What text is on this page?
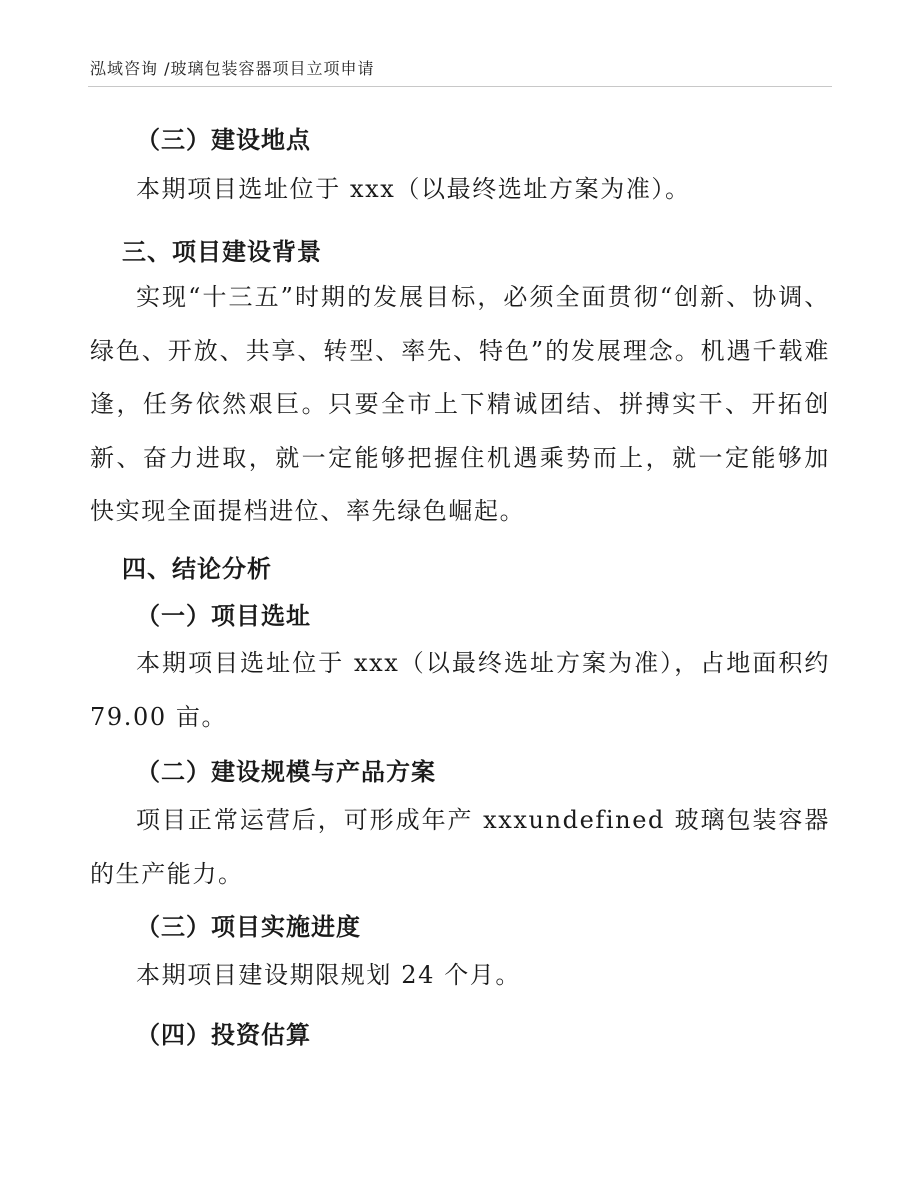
泓域咨询 /玻璃包装容器项目立项申请
（三）建设地点

本期项目选址位于 xxx（以最终选址方案为准）。

三、项目建设背景

实现“十三五”时期的发展目标，必须全面贯彻“创新、协调、绿色、开放、共享、转型、率先、特色”的发展理念。机遇千载难逢，任务依然艰巨。只要全市上下精诚团结、拼搏实干、开拓创新、奋力进取，就一定能够把握住机遇乘势而上，就一定能够加快实现全面提档进位、率先绿色崛起。

四、结论分析
（一）项目选址

本期项目选址位于 xxx（以最终选址方案为准），占地面积约 79.00 亩。

（二）建设规模与产品方案

项目正常运营后，可形成年产 xxxundefined 玻璃包装容器的生产能力。

（三）项目实施进度

本期项目建设期限规划 24 个月。

（四）投资估算
